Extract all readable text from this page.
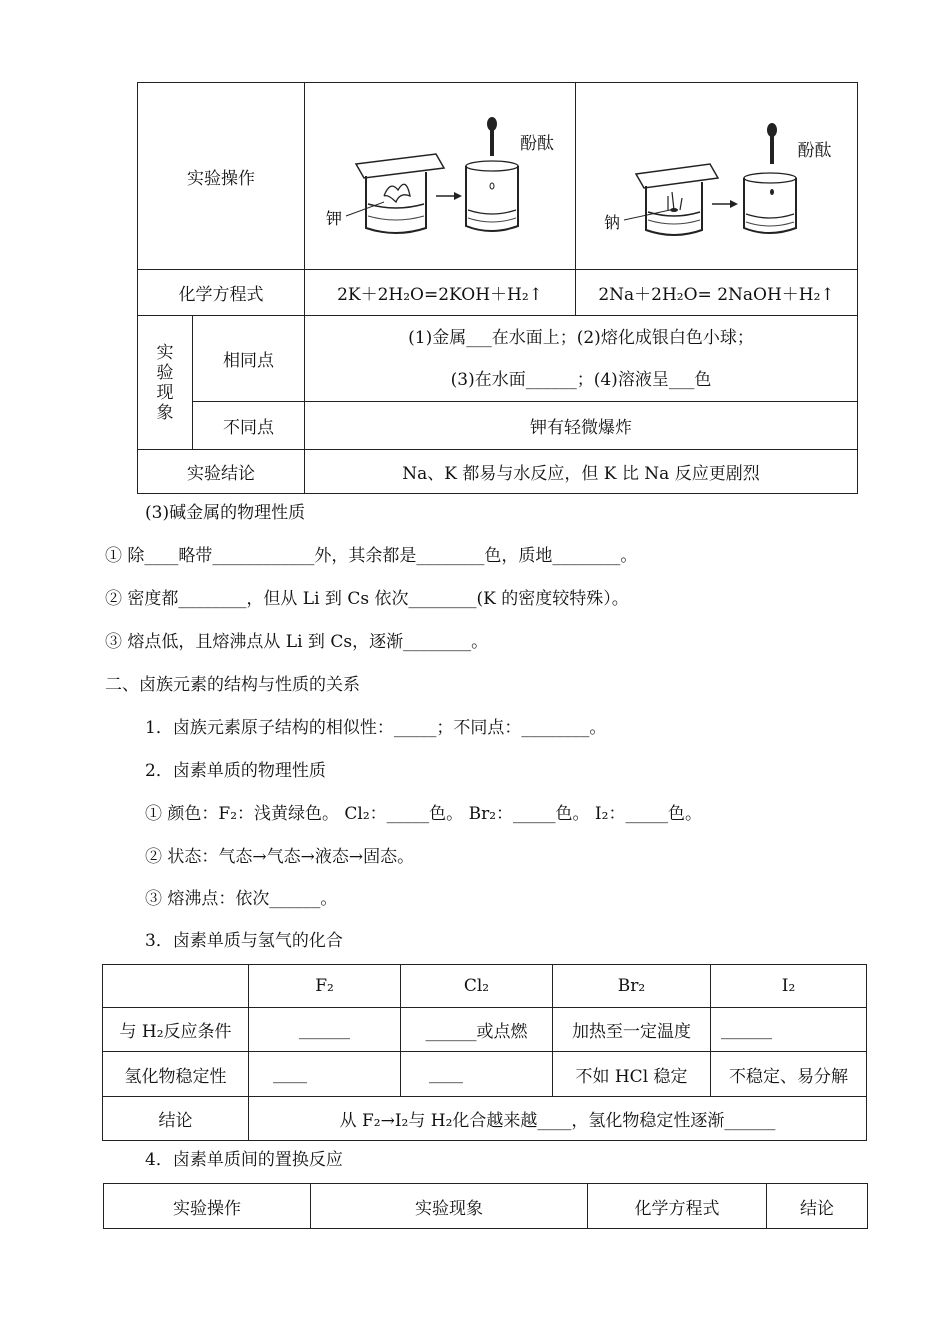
实验操作		钾
酚酞	钠
酚酞

化学方程式		2K＋2H₂O=2KOH＋H₂↑	2Na＋2H₂O= 2NaOH＋H₂↑

实验现象	相同点	(1)金属___在水面上；(2)熔化成银白色小球；
(3)在水面______；(4)溶液呈___色	

	不同点	钾有轻微爆炸	
实验结论		Na、K 都易与水反应，但 K 比 Na 反应更剧烈	
(3)碱金属的物理性质
① 除____略带____________外，其余都是________色，质地________。
② 密度都________，但从 Li 到 Cs 依次________(K 的密度较特殊）。
③ 熔点低，且熔沸点从 Li 到 Cs，逐渐________。
二、卤族元素的结构与性质的关系
1．卤族元素原子结构的相似性：_____；不同点：________。
2．卤素单质的物理性质
① 颜色：F₂：浅黄绿色。 Cl₂：_____色。 Br₂：_____色。 I₂：_____色。
② 状态：气态→气态→液态→固态。
③ 熔沸点：依次______。
3．卤素单质与氢气的化合
	F₂	Cl₂	Br₂	I₂
与 H₂反应条件	______	______或点燃	加热至一定温度	______
氢化物稳定性	____	____	不如 HCl 稳定	不稳定、易分解
结论	从 F₂→I₂与 H₂化合越来越____，氢化物稳定性逐渐______			
4．卤素单质间的置换反应
实验操作	实验现象	化学方程式	结论
